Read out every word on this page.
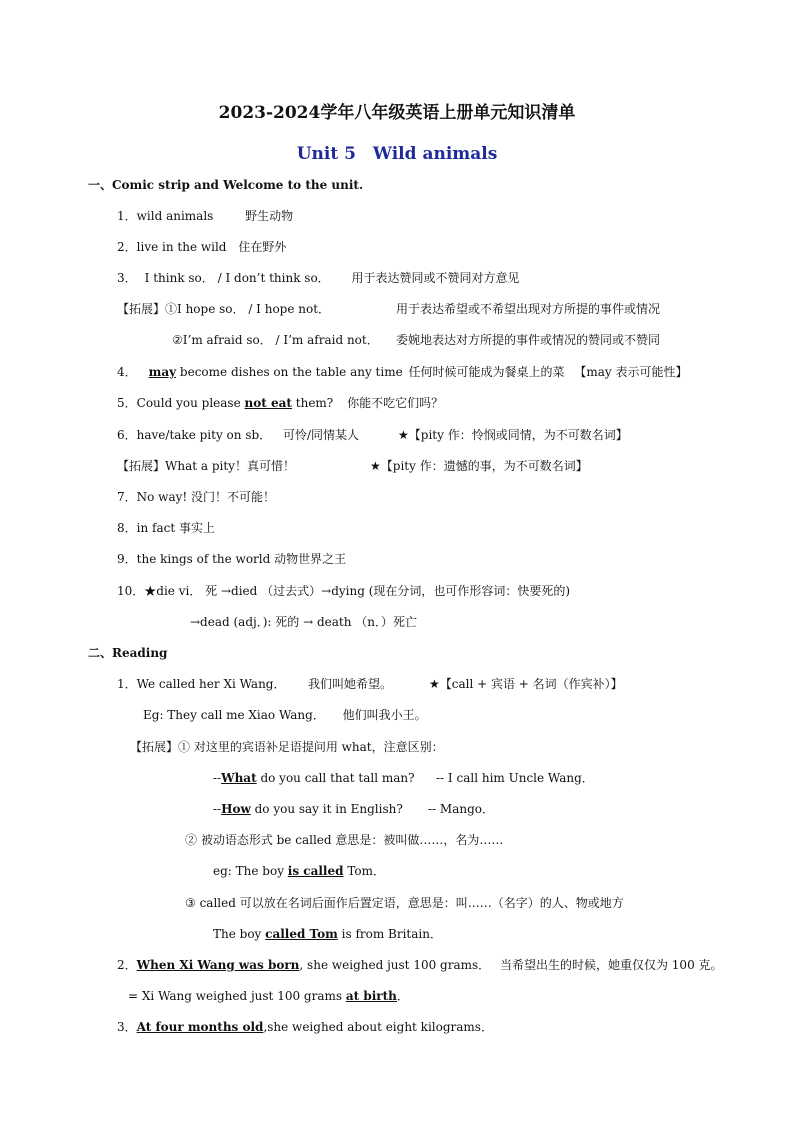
2023-2024学年八年级英语上册单元知识清单
Unit 5　Wild animals
一、Comic strip and Welcome to the unit.
1．wild animals	野生动物
2．live in the wild 住在野外
3． I think so． / I don’t think so． 用于表达赞同或不赞同对方意见
【拓展】①I hope so． / I hope not．	用于表达希望或不希望出现对方所提的事件或情况
②I’m afraid so． / I’m afraid not． 委婉地表达对方所提的事件或情况的赞同或不赞同
4． may become dishes on the table any time 任何时候可能成为餐桌上的菜 【may 表示可能性】
5．Could you please not eat them? 你能不吃它们吗？
6．have/take pity on sb． 可怜/同情某人	★【pity 作：怜悯或同情，为不可数名词】
【拓展】What a pity！真可惜！	★【pity 作：遗憾的事，为不可数名词】
7．No way! 没门！不可能！
8．in fact 事实上
9．the kings of the world 动物世界之王
10．★die vi． 死 →died （过去式）→dying (现在分词，也可作形容词：快要死的)
→dead (adj．): 死的 → death （n．）死亡
二、Reading
1．We called her Xi Wang． 我们叫她希望。	★【call + 宾语 + 名词（作宾补）】
Eg: They call me Xiao Wang． 他们叫我小王。
【拓展】① 对这里的宾语补足语提问用 what，注意区别：
--What do you call that tall man? -- I call him Uncle Wang．
--How do you say it in English? -- Mango．
② 被动语态形式 be called 意思是：被叫做……，名为……
eg: The boy is called Tom．
③ called 可以放在名词后面作后置定语，意思是：叫……（名字）的人、物或地方
The boy called Tom is from Britain．
2．When Xi Wang was born, she weighed just 100 grams． 当希望出生的时候，她重仅仅为 100 克。
= Xi Wang weighed just 100 grams at birth．
3．At four months old,she weighed about eight kilograms．
